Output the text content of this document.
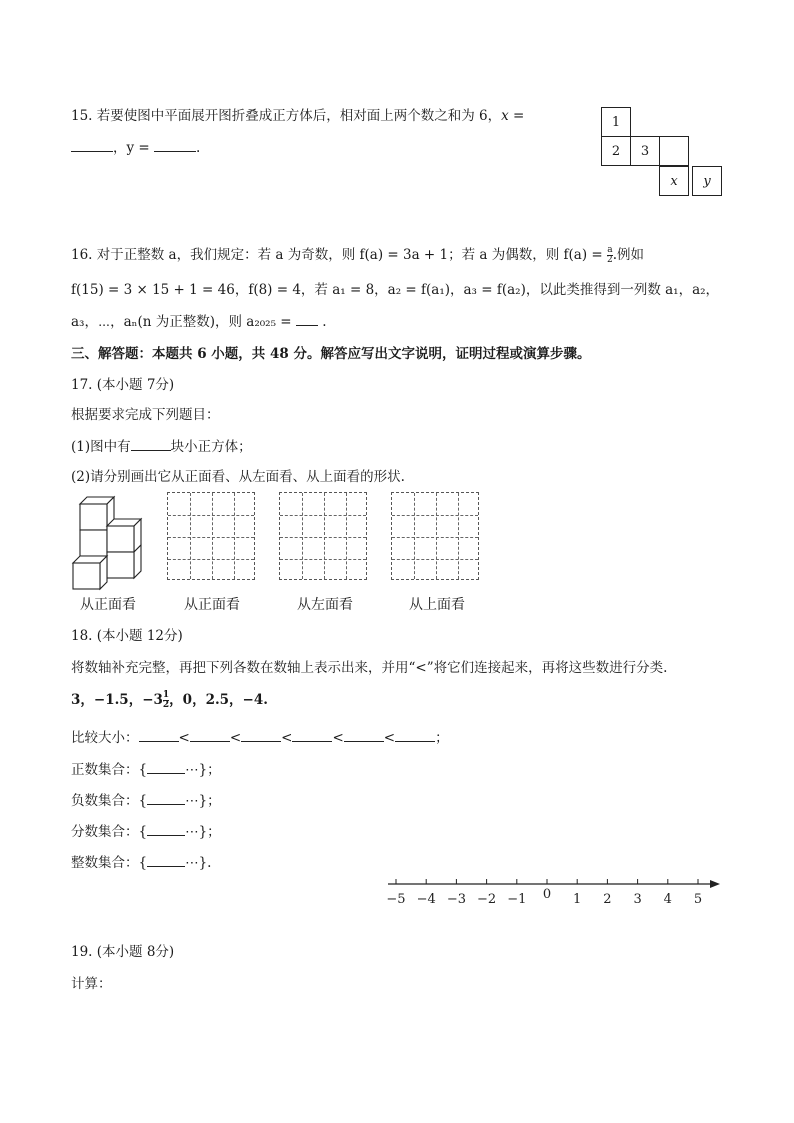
15. 若要使图中平面展开图折叠成正方体后，相对面上两个数之和为 6，x =
，y =	.
1
2	3
x	y
16. 对于正整数 a，我们规定：若 a 为奇数，则 f(a) = 3a + 1；若 a 为偶数，则 $f(a) = \frac{a}{2}$ .例如
f(15) = 3 × 15 + 1 = 46，f(8) = 4，若 a₁ = 8，a₂ = f(a₁)，a₃ = f(a₂)，以此类推得到一列数 a₁，a₂，
a₃，⋯，aₙ(n 为正整数)，则 a₂₀₂₅ = .
三、解答题：本题共 6 小题，共 48 分。解答应写出文字说明，证明过程或演算步骤。
17. (本小题 7分)
根据要求完成下列题目：
(1)图中有	块小正方体；
(2)请分别画出它从正面看、从左面看、从上面看的形状.
从正面看	从正面看	从左面看	从上面看
18. (本小题 12分)
将数轴补充完整，再把下列各数在数轴上表示出来，并用“<”将它们连接起来，再将这些数进行分类.
3，−1.5，$-3 \frac{1}{2}$ ，0，2.5，−4.
比较大小：	<	<	<	<	<	；
正数集合：{	⋯}；
负数集合：{	⋯}；
分数集合：{	⋯}；
整数集合：{	⋯}.
−5 −4 −3 −2 −1 0 1 2 3 4 5
19. (本小题 8分)
计算：
